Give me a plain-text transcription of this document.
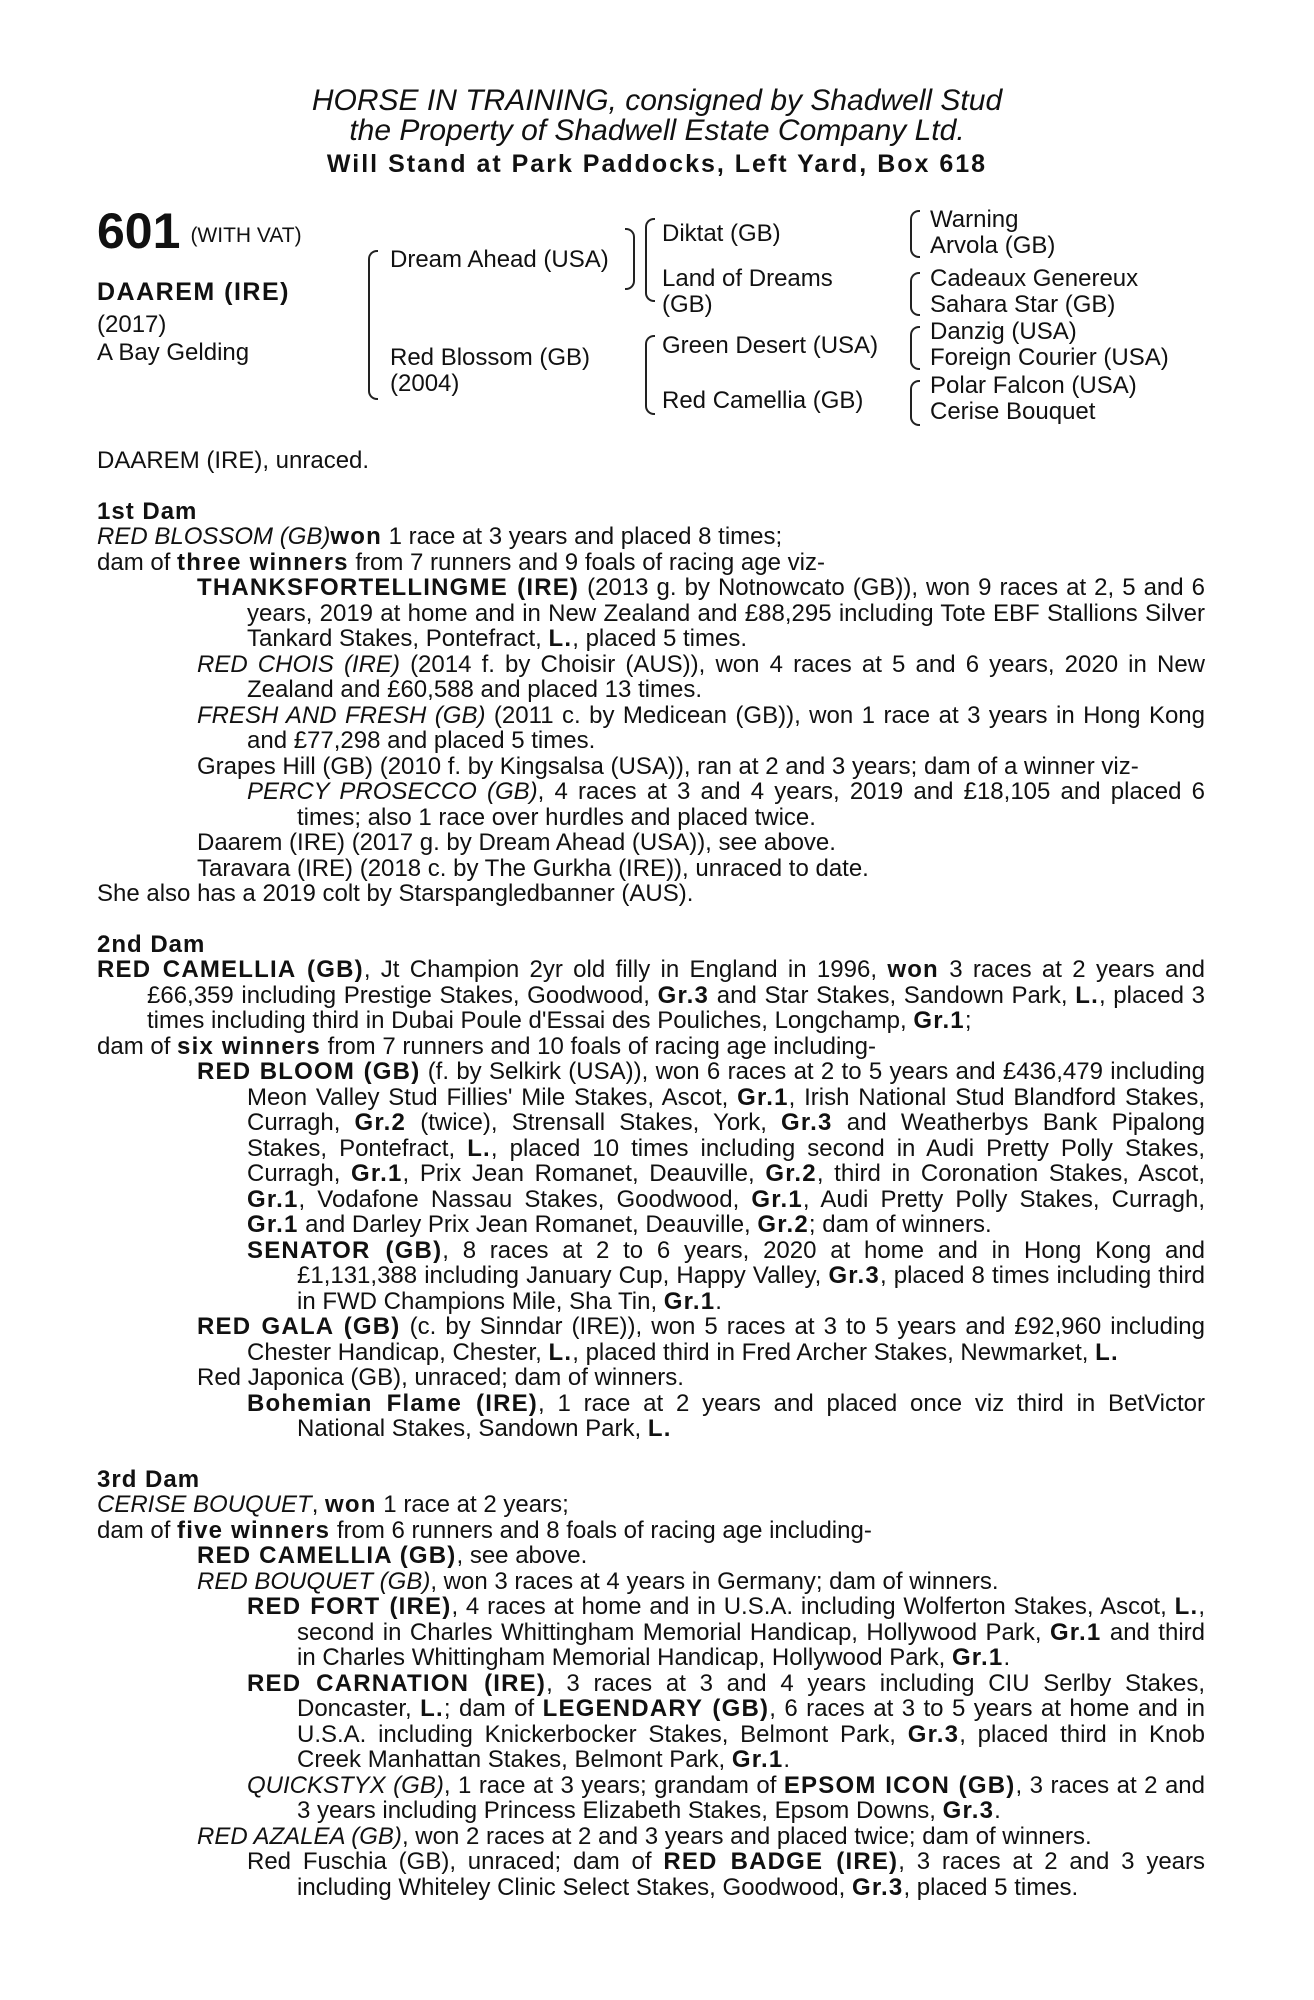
HORSE IN TRAINING, consigned by Shadwell Stud
the Property of Shadwell Estate Company Ltd.
Will Stand at Park Paddocks, Left Yard, Box 618
601 (WITH VAT)
DAAREM (IRE)
(2017)
A Bay Gelding
Dream Ahead (USA)
Red Blossom (GB)
(2004)
Diktat (GB)
Land of Dreams
(GB)
Green Desert (USA)
Red Camellia (GB)
Warning
Arvola (GB)
Cadeaux Genereux
Sahara Star (GB)
Danzig (USA)
Foreign Courier (USA)
Polar Falcon (USA)
Cerise Bouquet
DAAREM (IRE), unraced.
1st Dam
RED BLOSSOM (GB)won 1 race at 3 years and placed 8 times;
dam of three winners from 7 runners and 9 foals of racing age viz-
THANKSFORTELLINGME (IRE) (2013 g. by Notnowcato (GB)), won 9 races at 2, 5 and 6 years, 2019 at home and in New Zealand and £88,295 including Tote EBF Stallions Silver Tankard Stakes, Pontefract, L., placed 5 times.
RED CHOIS (IRE) (2014 f. by Choisir (AUS)), won 4 races at 5 and 6 years, 2020 in New Zealand and £60,588 and placed 13 times.
FRESH AND FRESH (GB) (2011 c. by Medicean (GB)), won 1 race at 3 years in Hong Kong and £77,298 and placed 5 times.
Grapes Hill (GB) (2010 f. by Kingsalsa (USA)), ran at 2 and 3 years; dam of a winner viz-
PERCY PROSECCO (GB), 4 races at 3 and 4 years, 2019 and £18,105 and placed 6 times; also 1 race over hurdles and placed twice.
Daarem (IRE) (2017 g. by Dream Ahead (USA)), see above.
Taravara (IRE) (2018 c. by The Gurkha (IRE)), unraced to date.
She also has a 2019 colt by Starspangledbanner (AUS).
2nd Dam
RED CAMELLIA (GB), Jt Champion 2yr old filly in England in 1996, won 3 races at 2 years and £66,359 including Prestige Stakes, Goodwood, Gr.3 and Star Stakes, Sandown Park, L., placed 3 times including third in Dubai Poule d'Essai des Pouliches, Longchamp, Gr.1;
dam of six winners from 7 runners and 10 foals of racing age including-
RED BLOOM (GB) (f. by Selkirk (USA)), won 6 races at 2 to 5 years and £436,479 including Meon Valley Stud Fillies' Mile Stakes, Ascot, Gr.1, Irish National Stud Blandford Stakes, Curragh, Gr.2 (twice), Strensall Stakes, York, Gr.3 and Weatherbys Bank Pipalong Stakes, Pontefract, L., placed 10 times including second in Audi Pretty Polly Stakes, Curragh, Gr.1, Prix Jean Romanet, Deauville, Gr.2, third in Coronation Stakes, Ascot, Gr.1, Vodafone Nassau Stakes, Goodwood, Gr.1, Audi Pretty Polly Stakes, Curragh, Gr.1 and Darley Prix Jean Romanet, Deauville, Gr.2; dam of winners.
SENATOR (GB), 8 races at 2 to 6 years, 2020 at home and in Hong Kong and £1,131,388 including January Cup, Happy Valley, Gr.3, placed 8 times including third in FWD Champions Mile, Sha Tin, Gr.1.
RED GALA (GB) (c. by Sinndar (IRE)), won 5 races at 3 to 5 years and £92,960 including Chester Handicap, Chester, L., placed third in Fred Archer Stakes, Newmarket, L.
Red Japonica (GB), unraced; dam of winners.
Bohemian Flame (IRE), 1 race at 2 years and placed once viz third in BetVictor National Stakes, Sandown Park, L.
3rd Dam
CERISE BOUQUET, won 1 race at 2 years;
dam of five winners from 6 runners and 8 foals of racing age including-
RED CAMELLIA (GB), see above.
RED BOUQUET (GB), won 3 races at 4 years in Germany; dam of winners.
RED FORT (IRE), 4 races at home and in U.S.A. including Wolferton Stakes, Ascot, L., second in Charles Whittingham Memorial Handicap, Hollywood Park, Gr.1 and third in Charles Whittingham Memorial Handicap, Hollywood Park, Gr.1.
RED CARNATION (IRE), 3 races at 3 and 4 years including CIU Serlby Stakes, Doncaster, L.; dam of LEGENDARY (GB), 6 races at 3 to 5 years at home and in U.S.A. including Knickerbocker Stakes, Belmont Park, Gr.3, placed third in Knob Creek Manhattan Stakes, Belmont Park, Gr.1.
QUICKSTYX (GB), 1 race at 3 years; grandam of EPSOM ICON (GB), 3 races at 2 and 3 years including Princess Elizabeth Stakes, Epsom Downs, Gr.3.
RED AZALEA (GB), won 2 races at 2 and 3 years and placed twice; dam of winners.
Red Fuschia (GB), unraced; dam of RED BADGE (IRE), 3 races at 2 and 3 years including Whiteley Clinic Select Stakes, Goodwood, Gr.3, placed 5 times.
